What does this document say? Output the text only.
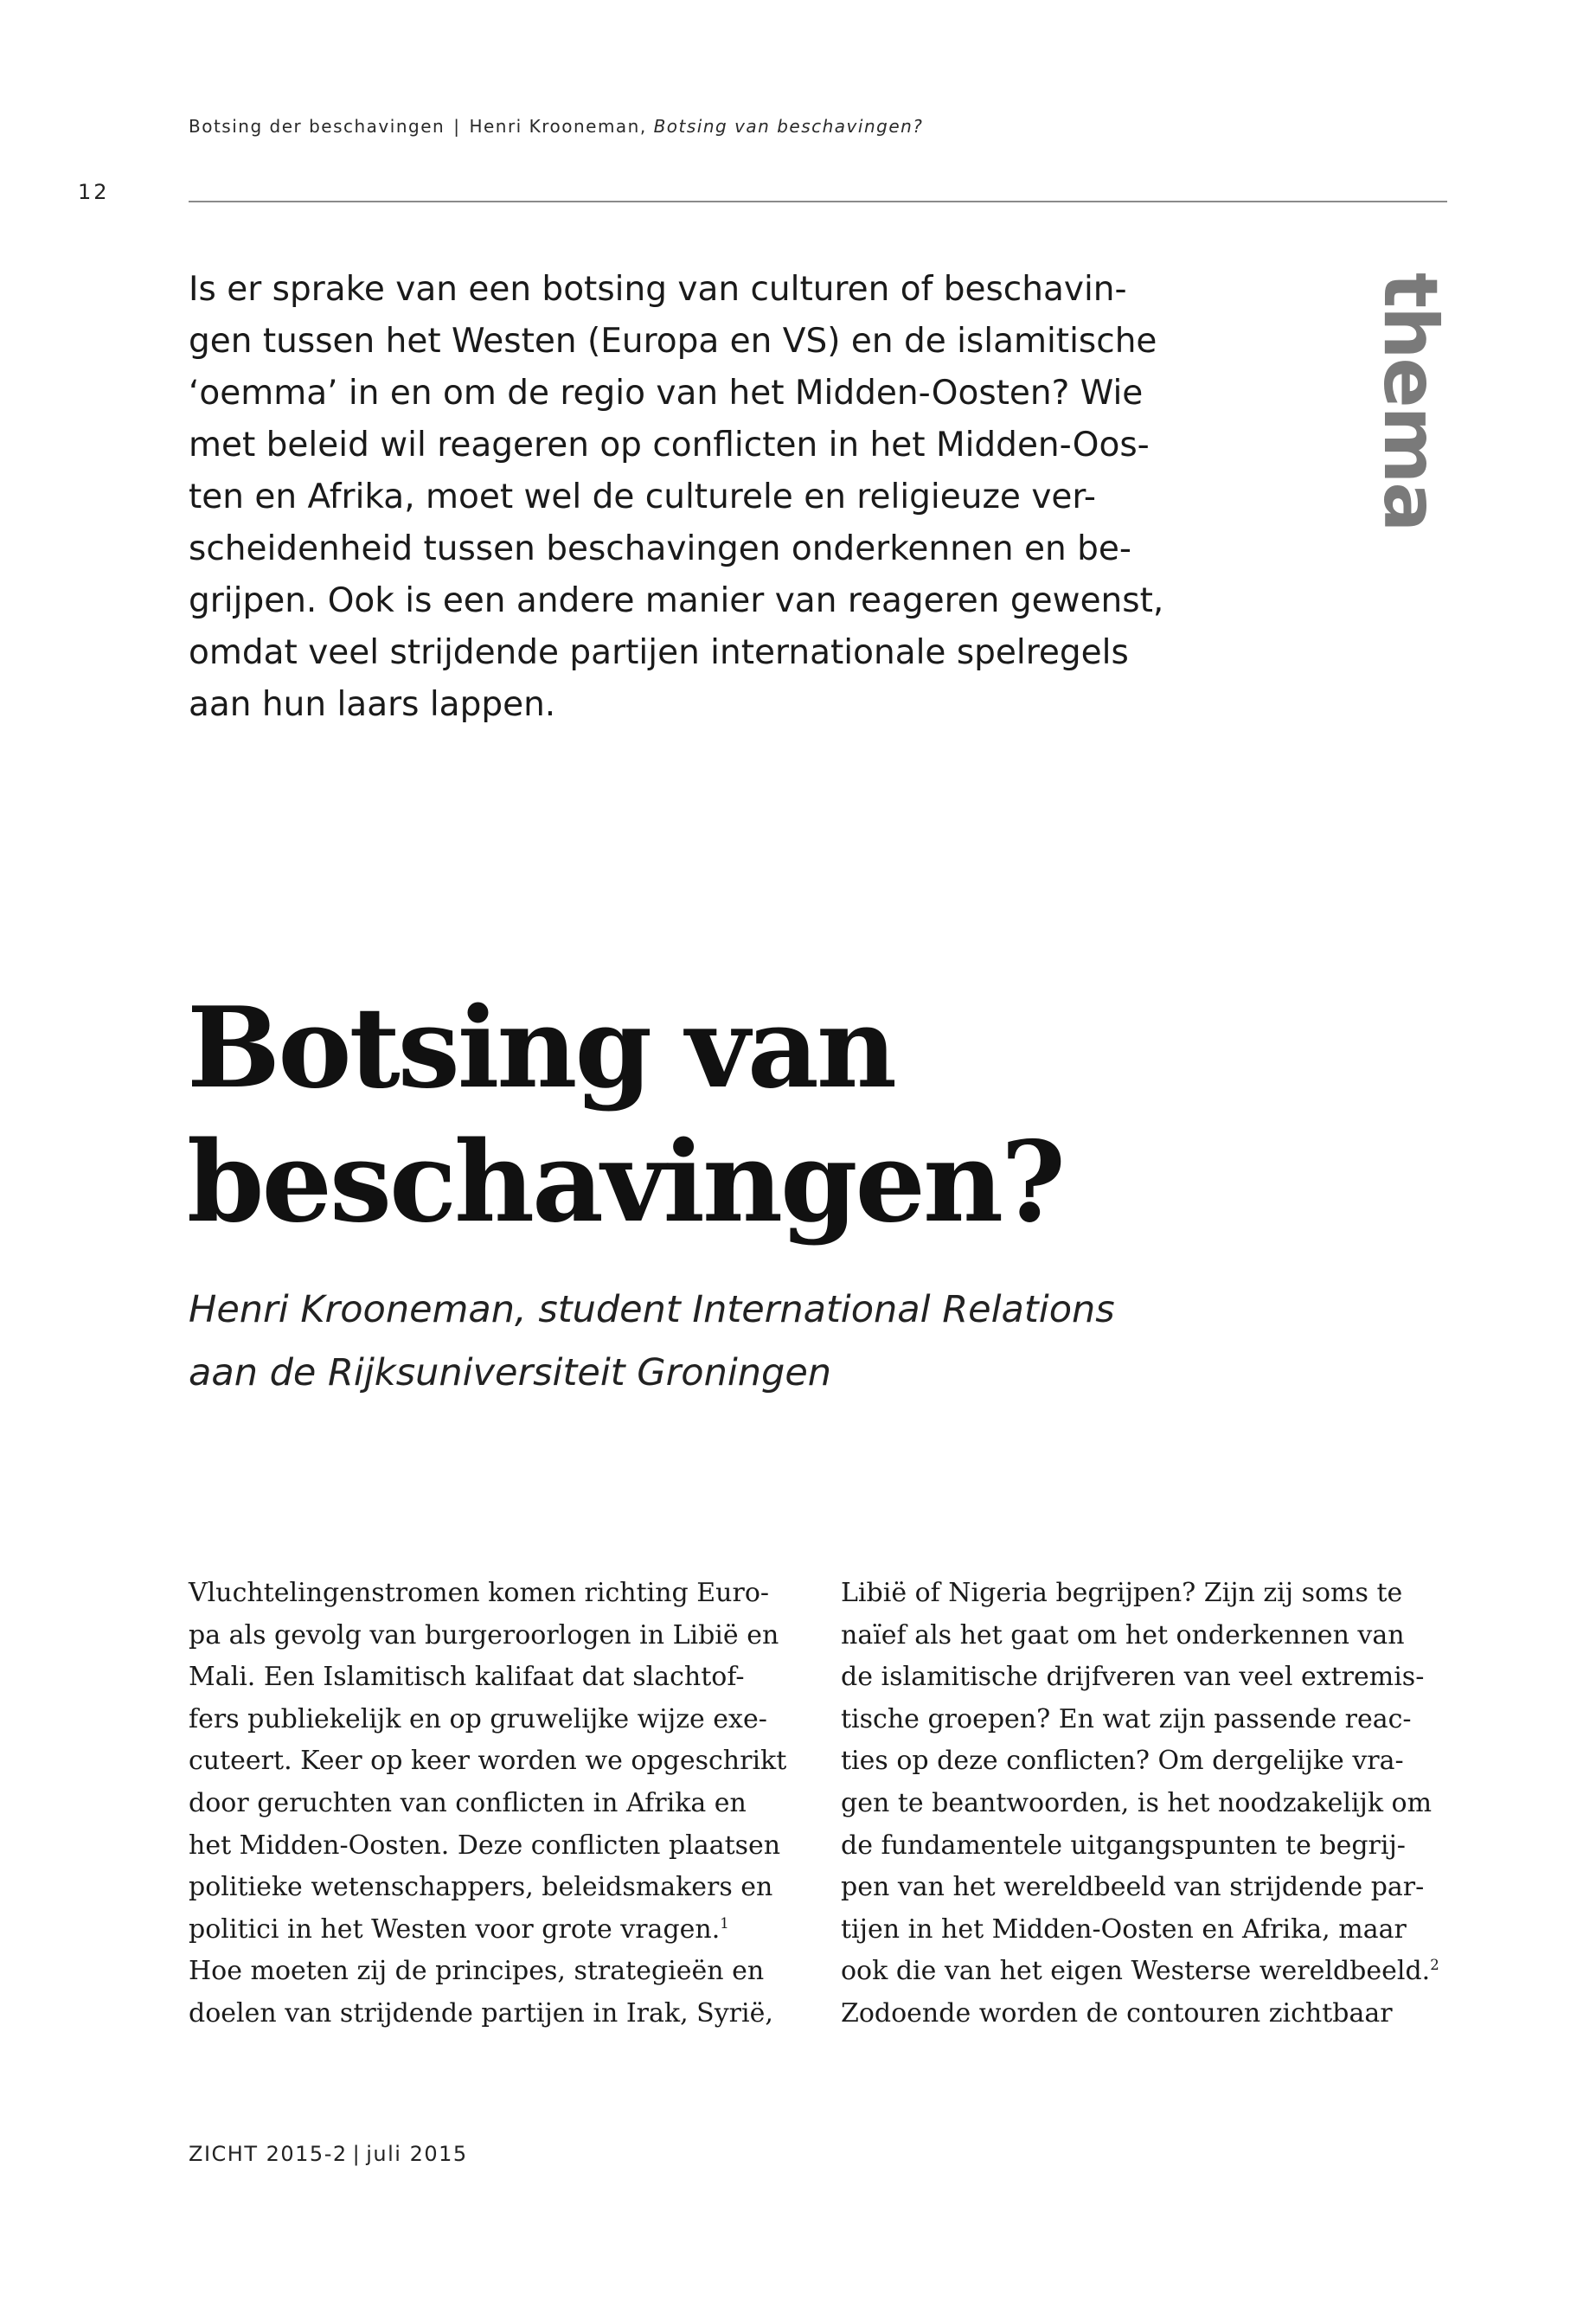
Botsing der beschavingen | Henri Krooneman, Botsing van beschavingen?
12
Is er sprake van een botsing van culturen of beschavin-
gen tussen het Westen (Europa en VS) en de islamitische
‘oemma’ in en om de regio van het Midden-Oosten? Wie
met beleid wil reageren op conflicten in het Midden-Oos-
ten en Afrika, moet wel de culturele en religieuze ver-
scheidenheid tussen beschavingen onderkennen en be-
grijpen. Ook is een andere manier van reageren gewenst,
omdat veel strijdende partijen internationale spelregels
aan hun laars lappen.
thema
Botsing van
beschavingen?
Henri Krooneman, student International Relations
aan de Rijksuniversiteit Groningen
Vluchtelingenstromen komen richting Euro-
pa als gevolg van burgeroorlogen in Libië en
Mali. Een Islamitisch kalifaat dat slachtof-
fers publiekelijk en op gruwelijke wijze exe-
cuteert. Keer op keer worden we opgeschrikt
door geruchten van conflicten in Afrika en
het Midden-Oosten. Deze conflicten plaatsen
politieke wetenschappers, beleidsmakers en
politici in het Westen voor grote vragen.$^1$
Hoe moeten zij de principes, strategieën en
doelen van strijdende partijen in Irak, Syrië,
Libië of Nigeria begrijpen? Zijn zij soms te
naïef als het gaat om het onderkennen van
de islamitische drijfveren van veel extremis-
tische groepen? En wat zijn passende reac-
ties op deze conflicten? Om dergelijke vra-
gen te beantwoorden, is het noodzakelijk om
de fundamentele uitgangspunten te begrij-
pen van het wereldbeeld van strijdende par-
tijen in het Midden-Oosten en Afrika, maar
ook die van het eigen Westerse wereldbeeld.$^2$
Zodoende worden de contouren zichtbaar
ZICHT 2015-2 | juli 2015
